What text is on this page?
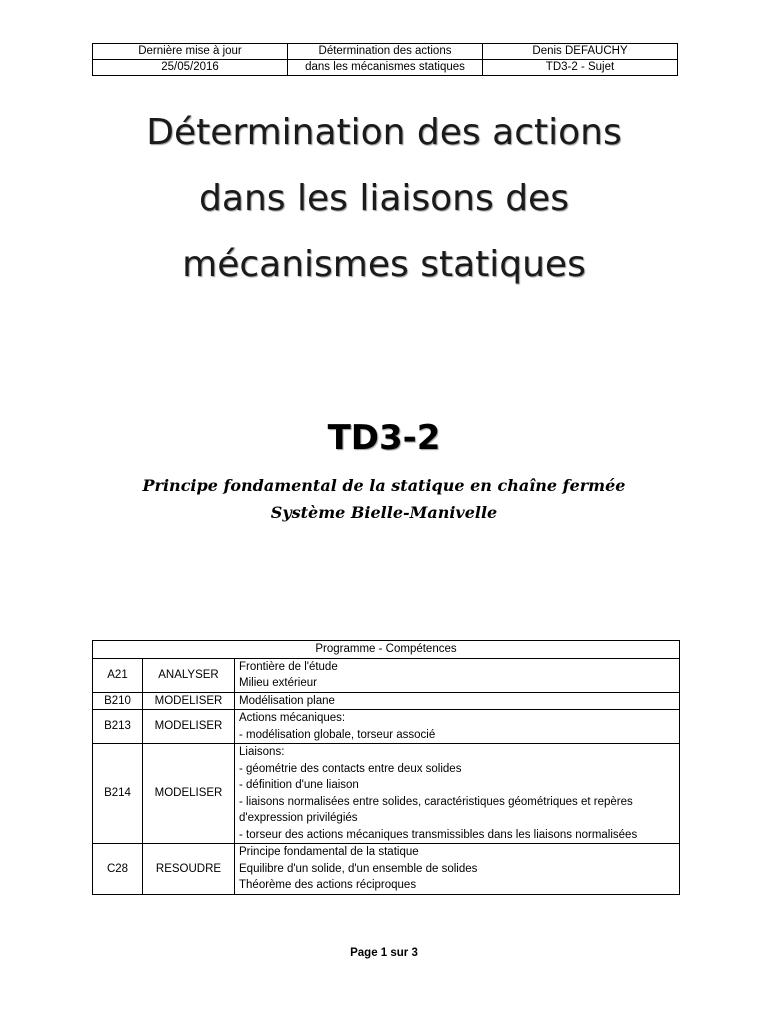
Dernière mise à jour	Détermination des actions	Denis DEFAUCHY
25/05/2016	dans les mécanismes statiques	TD3-2 - Sujet
Détermination des actions
dans les liaisons des
mécanismes statiques
TD3-2
Principe fondamental de la statique en chaîne fermée
Système Bielle-Manivelle
Programme - Compétences		
A21	ANALYSER	Frontière de l'étude
Milieu extérieur

B210	MODELISER	Modélisation plane

B213	MODELISER	Actions mécaniques:
- modélisation globale, torseur associé

B214	MODELISER	Liaisons:
- géométrie des contacts entre deux solides
- définition d'une liaison
- liaisons normalisées entre solides, caractéristiques géométriques et repères d'expression privilégiés
- torseur des actions mécaniques transmissibles dans les liaisons normalisées

C28	RESOUDRE	Principe fondamental de la statique
Equilibre d'un solide, d'un ensemble de solides
Théorème des actions réciproques
Page 1 sur 3
